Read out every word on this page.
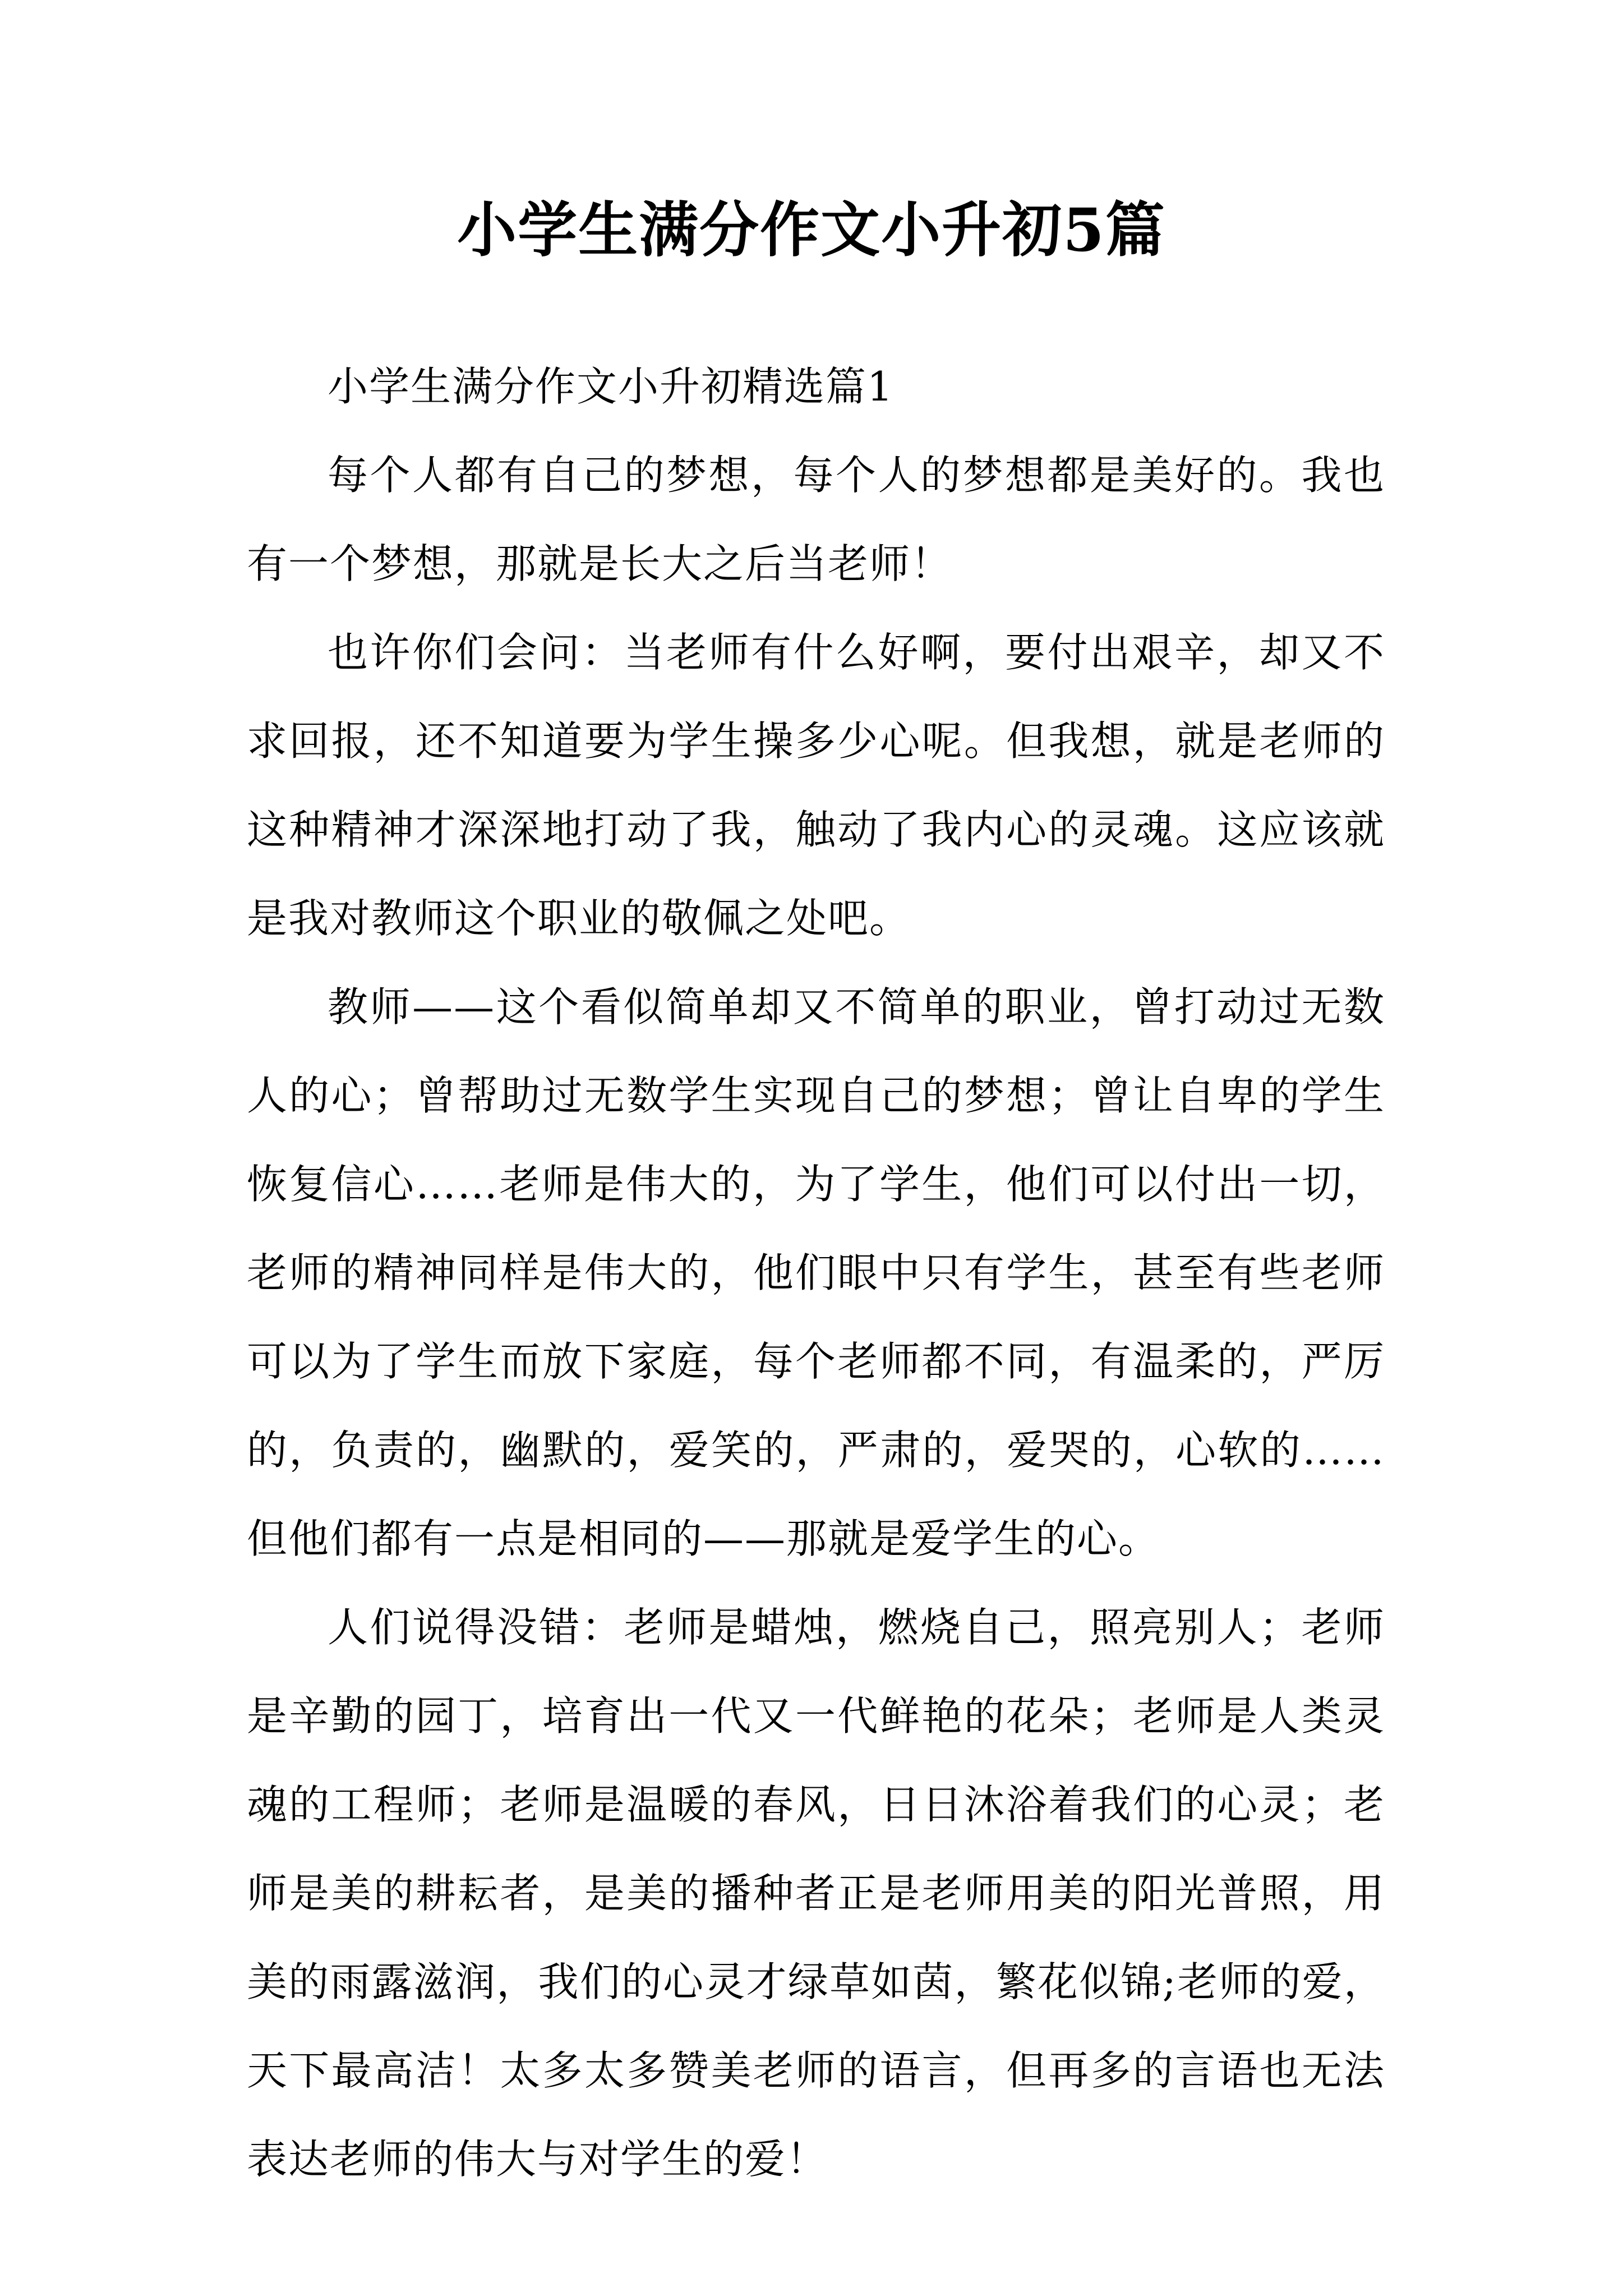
小学生满分作文小升初5篇

小学生满分作文小升初精选篇1

每个人都有自己的梦想，每个人的梦想都是美好的。我也有一个梦想，那就是长大之后当老师！

也许你们会问：当老师有什么好啊，要付出艰辛，却又不求回报，还不知道要为学生操多少心呢。但我想，就是老师的这种精神才深深地打动了我，触动了我内心的灵魂。这应该就是我对教师这个职业的敬佩之处吧。

教师——这个看似简单却又不简单的职业，曾打动过无数人的心；曾帮助过无数学生实现自己的梦想；曾让自卑的学生恢复信心……老师是伟大的，为了学生，他们可以付出一切，老师的精神同样是伟大的，他们眼中只有学生，甚至有些老师可以为了学生而放下家庭，每个老师都不同，有温柔的，严厉的，负责的，幽默的，爱笑的，严肃的，爱哭的，心软的……但他们都有一点是相同的——那就是爱学生的心。

人们说得没错：老师是蜡烛，燃烧自己，照亮别人；老师是辛勤的园丁，培育出一代又一代鲜艳的花朵；老师是人类灵魂的工程师；老师是温暖的春风，日日沐浴着我们的心灵；老师是美的耕耘者，是美的播种者正是老师用美的阳光普照，用美的雨露滋润，我们的心灵才绿草如茵，繁花似锦;老师的爱，天下最高洁！太多太多赞美老师的语言，但再多的言语也无法表达老师的伟大与对学生的爱！
